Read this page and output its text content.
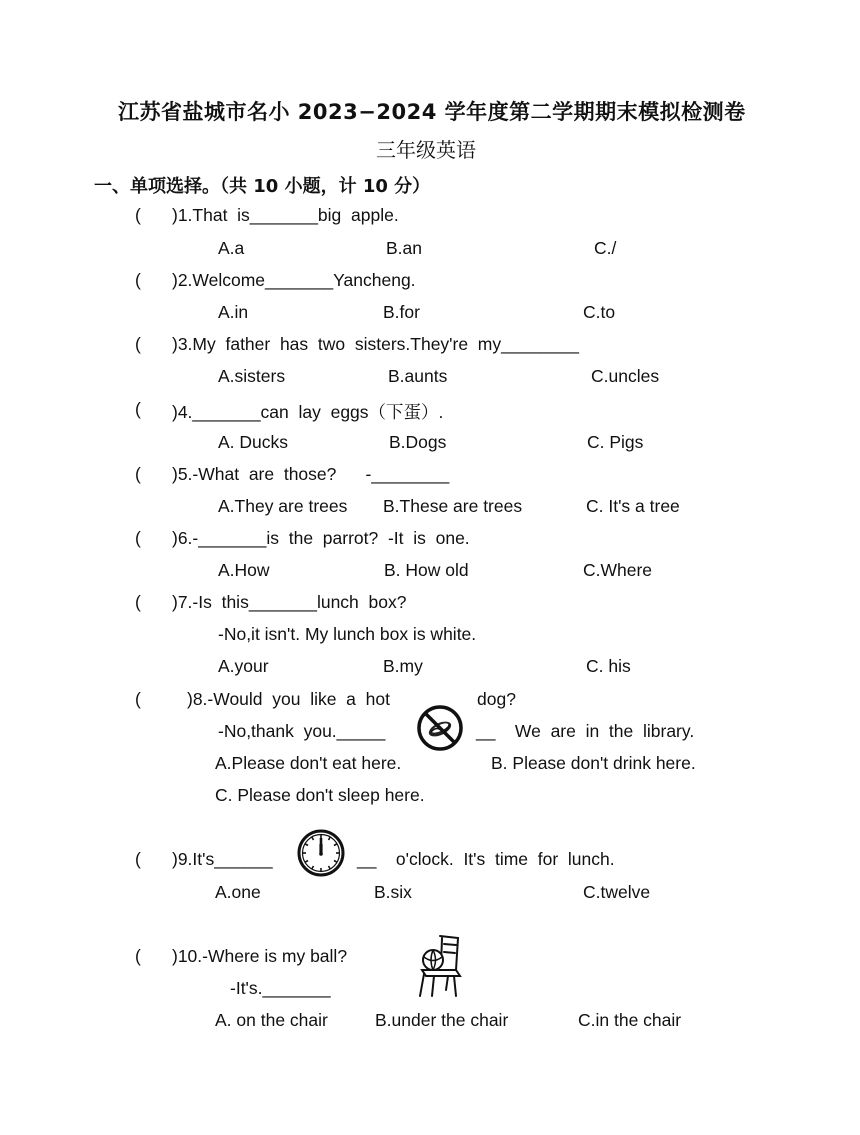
江苏省盐城市名小 2023−2024 学年度第二学期期末模拟检测卷
三年级英语
一、单项选择。（共 10 小题，计 10 分）
( )1.That  is_______big  apple.
A.a	B.an	C./
( )2.Welcome_______Yancheng.
A.in	B.for	C.to
( )3.My  father  has  two  sisters.They're  my________
A.sisters	B.aunts	C.uncles
( )4._______can  lay  eggs（下蛋）.
A. Ducks	B.Dogs	C. Pigs
( )5.-What  are  those?      -________
A.They are trees B.These are trees	C. It's a tree
( )6.-_______is  the  parrot?  -It  is  one.
A.How	B. How old	C.Where
( )7.-Is  this_______lunch  box?
-No,it isn't. My lunch box is white.
A.your	B.my	C. his
(	)8.-Would  you  like  a  hot	dog?
-No,thank  you._____	__    We  are  in  the  library.
A.Please don't eat here.	B. Please don't drink here.
C. Please don't sleep here.
( )9.It's______	__    o'clock.  It's  time  for  lunch.
A.one	B.six	C.twelve
( )10.-Where is my ball?
-It's._______
A. on the chair	B.under the chair	C.in the chair
